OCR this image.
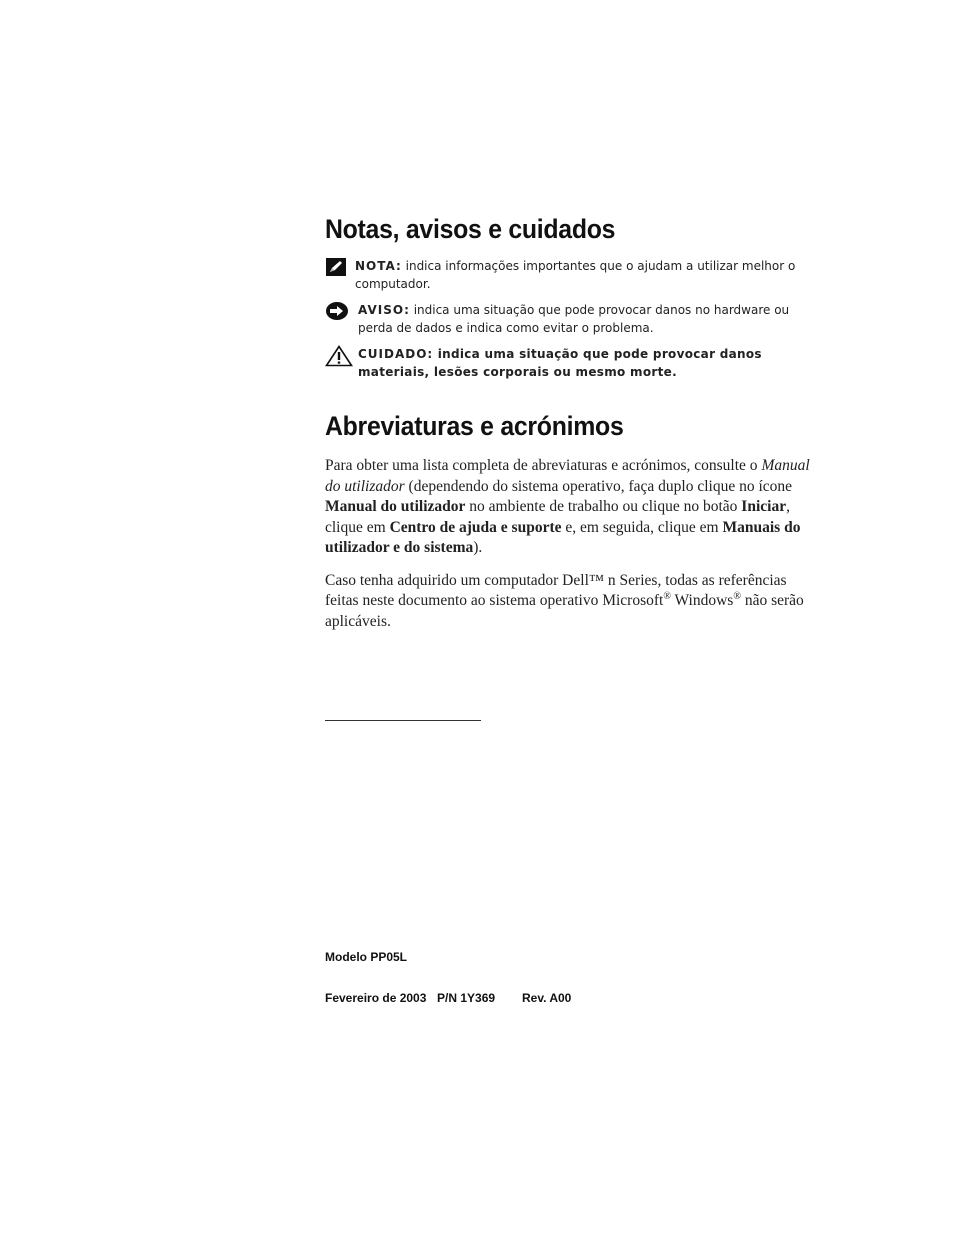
Notas, avisos e cuidados
NOTA: indica informações importantes que o ajudam a utilizar melhor o computador.
AVISO: indica uma situação que pode provocar danos no hardware ou perda de dados e indica como evitar o problema.
CUIDADO: indica uma situação que pode provocar danos materiais, lesões corporais ou mesmo morte.
Abreviaturas e acrónimos

Para obter uma lista completa de abreviaturas e acrónimos, consulte o Manual do utilizador (dependendo do sistema operativo, faça duplo clique no ícone Manual do utilizador no ambiente de trabalho ou clique no botão Iniciar, clique em Centro de ajuda e suporte e, em seguida, clique em Manuais do utilizador e do sistema).

Caso tenha adquirido um computador Dell™ n Series, todas as referências feitas neste documento ao sistema operativo Microsoft® Windows® não serão aplicáveis.

Modelo PP05L
Fevereiro de 2003 P/N 1Y369 Rev. A00
